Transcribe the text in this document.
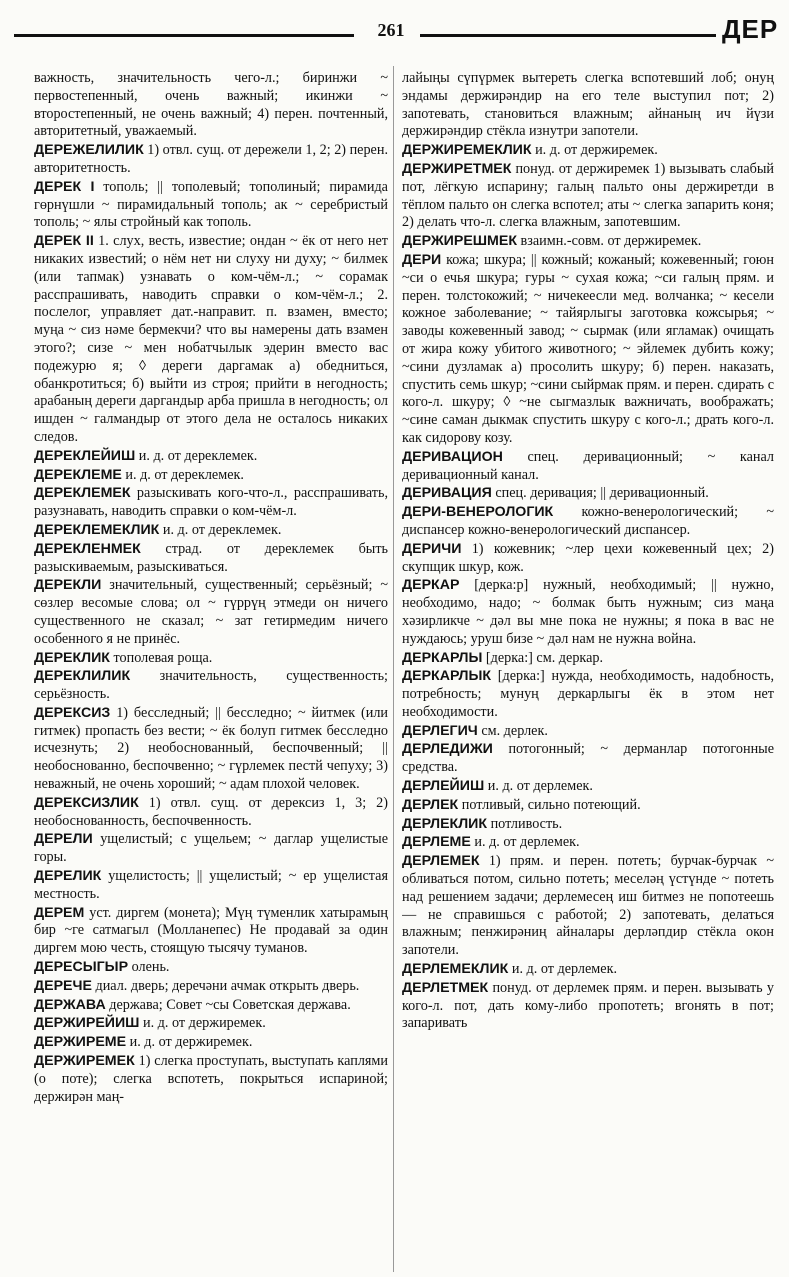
261	ДЕР
важность, значительность чего-л.; биринжи ~ первостепенный, очень важный; икинжи ~ второстепенный, не очень важный; 4) перен. почтенный, авторитетный, уважаемый.
ДЕРЕЖЕЛИЛИК 1) отвл. сущ. от дережели 1, 2; 2) перен. авторитетность.
ДЕРЕК I тополь; || тополевый; тополиный; пирамида гөрнүшли ~ пирамидальный тополь; ак ~ серебристый тополь; ~ ялы стройный как тополь.
ДЕРЕК II 1. слух, весть, известие; ондан ~ ёк от него нет никаких известий; о нём нет ни слуху ни духу; ~ билмек (или тапмак) узнавать о ком-чём-л.; ~ сорамак расспрашивать, наводить справки о ком-чём-л.; 2. послелог, управляет дат.-направит. п. взамен, вместо; муңа ~ сиз нәме бермекчи? что вы намерены дать взамен этого?; сизе ~ мен нобатчылык эдерин вместо вас подежурю я; ◊ дереги даргамак а) обедниться, обанкротиться; б) выйти из строя; прийти в негодность; арабаның дереги даргандыр арба пришла в негодность; ол ишден ~ галмандыр от этого дела не осталось никаких следов.
ДЕРЕКЛЕЙИШ и. д. от дереклемек.
ДЕРЕКЛЕМЕ и. д. от дереклемек.
ДЕРЕКЛЕМЕК разыскивать кого-что-л., расспрашивать, разузнавать, наводить справки о ком-чём-л.
ДЕРЕКЛЕМЕКЛИК и. д. от дереклемек.
ДЕРЕКЛЕНМЕК страд. от дереклемек быть разыскиваемым, разыскиваться.
ДЕРЕКЛИ значительный, существенный; серьёзный; ~ сөзлер весомые слова; ол ~ гүррүң этмеди он ничего существенного не сказал; ~ зат гетирмедим ничего особенного я не принёс.
ДЕРЕКЛИК тополевая роща.
ДЕРЕКЛИЛИК значительность, существенность; серьёзность.
ДЕРЕКСИЗ 1) бесследный; || бесследно; ~ йитмек (или гитмек) пропасть без вести; ~ ёк болуп гитмек бесследно исчезнуть; 2) необоснованный, беспочвенный; || необоснованно, беспочвенно; ~ гүрлемек пестй чепуху; 3) неважный, не очень хороший; ~ адам плохой человек.
ДЕРЕКСИЗЛИК 1) отвл. сущ. от дерексиз 1, 3; 2) необоснованность, беспочвенность.
ДЕРЕЛИ ущелистый; с ущельем; ~ даглар ущелистые горы.
ДЕРЕЛИК ущелистость; || ущелистый; ~ ер ущелистая местность.
ДЕРЕМ уст. диргем (монета); Мүң түменлик хатырамың бир ~ге сатмагыл (Молланепес) Не продавай за один диргем мою честь, стоящую тысячу туманов.
ДЕРЕСЫГЫР олень.
ДЕРЕЧЕ диал. дверь; деречәни ачмак открыть дверь.
ДЕРЖАВА держава; Совет ~сы Советская держава.
ДЕРЖИРЕЙИШ и. д. от держиремек.
ДЕРЖИРЕМЕ и. д. от держиремек.
ДЕРЖИРЕМЕК 1) слегка проступать, выступать каплями (о поте); слегка вспотеть, покрыться испариной; держирән маң-
лайыңы сүпүрмек вытереть слегка вспотевший лоб; онуң эндамы держирәндир на его теле выступил пот; 2) запотевать, становиться влажным; айнаның ич йүзи держирәндир стёкла изнутри запотели.
ДЕРЖИРЕМЕКЛИК и. д. от держиремек.
ДЕРЖИРЕТМЕК понуд. от держиремек 1) вызывать слабый пот, лёгкую испарину; галың пальто оны держиретди в тёплом пальто он слегка вспотел; аты ~ слегка запарить коня; 2) делать что-л. слегка влажным, запотевшим.
ДЕРЖИРЕШМЕК взаимн.-совм. от держиремек.
ДЕРИ кожа; шкура; || кожный; кожаный; кожевенный; гоюн ~си о ечья шкура; гуры ~ сухая кожа; ~си галың прям. и перен. толстокожий; ~ ничекеесли мед. волчанка; ~ кесели кожное заболевание; ~ тайярлыгы заготовка кожсырья; ~ заводы кожевенный завод; ~ сырмак (или ягламак) очищать от жира кожу убитого животного; ~ эйлемек дубить кожу; ~сини дузламак а) просолить шкуру; б) перен. наказать, спустить семь шкур; ~сини сыйрмак прям. и перен. сдирать с кого-л. шкуру; ◊ ~не сыгмазлык важничать, воображать; ~сине саман дыкмак спустить шкуру с кого-л.; драть кого-л. как сидорову козу.
ДЕРИВАЦИОН спец. деривационный; ~ канал деривационный канал.
ДЕРИВАЦИЯ спец. деривация; || деривационный.
ДЕРИ-ВЕНЕРОЛОГИК кожно-венерологический; ~ диспансер кожно-венерологический диспансер.
ДЕРИЧИ 1) кожевник; ~лер цехи кожевенный цех; 2) скупщик шкур, кож.
ДЕРКАР [дерка:р] нужный, необходимый; || нужно, необходимо, надо; ~ болмак быть нужным; сиз маңа хәзирликче ~ дәл вы мне пока не нужны; я пока в вас не нуждаюсь; уруш бизе ~ дәл нам не нужна война.
ДЕРКАРЛЫ [дерка:] см. деркар.
ДЕРКАРЛЫК [дерка:] нужда, необходимость, надобность, потребность; мунуң деркарлыгы ёк в этом нет необходимости.
ДЕРЛЕГИЧ см. дерлек.
ДЕРЛЕДИЖИ потогонный; ~ дерманлар потогонные средства.
ДЕРЛЕЙИШ и. д. от дерлемек.
ДЕРЛЕК потливый, сильно потеющий.
ДЕРЛЕКЛИК потливость.
ДЕРЛЕМЕ и. д. от дерлемек.
ДЕРЛЕМЕК 1) прям. и перен. потеть; бурчак-бурчак ~ обливаться потом, сильно потеть; меселәң үстүнде ~ потеть над решением задачи; дерлемесең иш битмез не попотеешь — не справишься с работой; 2) запотевать, делаться влажным; пенжирәниң айналары дерләпдир стёкла окон запотели.
ДЕРЛЕМЕКЛИК и. д. от дерлемек.
ДЕРЛЕТМЕК понуд. от дерлемек прям. и перен. вызывать у кого-л. пот, дать кому-либо пропотеть; вгонять в пот; запаривать
